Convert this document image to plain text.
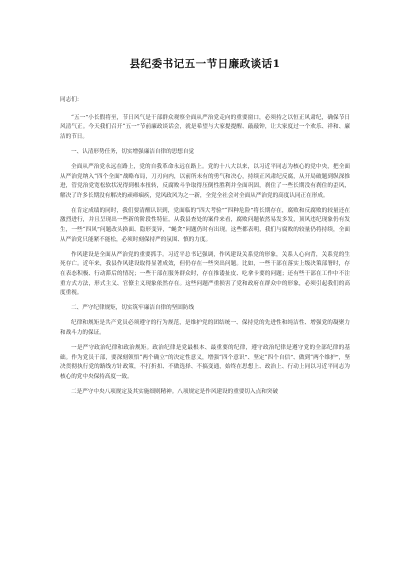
县纪委书记五一节日廉政谈话1

同志们：

“五一”小长假将至，节日风气是干部群众观察全面从严治党走向的重要窗口，必须持之以恒正风肃纪，确保节日风清气正。今天我们召开“五一”节前廉政谈话会，就是希望与大家提提醒、敲敲钟，让大家度过一个欢乐、祥和、廉洁的节日。

一、认清形势任务，切实增强廉洁自律的思想自觉

全面从严治党永远在路上，党的自我革命永远在路上。党的十八大以来，以习近平同志为核心的党中央，把全面从严治党纳入“四个全面”战略布局，刀刃向内，以前所未有的勇气和决心，持续正风肃纪反腐，从开局破题到纵深推进，管党治党宽松软状况得到根本扭转，反腐败斗争取得压倒性胜利并全面巩固，刹住了一些长期没有刹住的歪风，解决了许多长期没有解决的顽瘴痼疾，党风政风为之一新，全党全社会对全面从严治党的高度认同正在形成。

在肯定成绩的同时，我们要清醒认识到，党面临的“四大考验”“四种危险”将长期存在，腐败和反腐败的较量还在激烈进行，并且呈现出一些新的阶段性特征。从我县查处的案件来看，腐败问题依然易发多发，顶风违纪现象仍有发生，一些“四风”问题改头换面、隐形变异，“蝇贪”问题仍时有出现。这些都表明，我们与腐败的较量仍将持续，全面从严治党只能紧不能松，必须时刻保持严的氛围、慎的力度。

作风建设是全面从严治党的重要抓手。习近平总书记强调，作风建设关系党的形象，关系人心向背，关系党的生死存亡。近年来，我县作风建设取得显著成效，但仍存在一些突出问题。比如，一些干部在落实上级决策部署时，存在表态积极、行动滞后的情况；一些干部在服务群众时，存在推诿扯皮、吃拿卡要的问题；还有些干部在工作中不注重方式方法，形式主义、官僚主义现象依然存在。这些问题严重损害了党和政府在群众中的形象，必须引起我们的高度重视。

二、严守纪律规矩，切实筑牢廉洁自律的坚固防线

纪律和规矩是共产党员必须遵守的行为规范，是维护党的团结统一、保持党的先进性和纯洁性、增强党的凝聚力和战斗力的保证。

一是严守政治纪律和政治规矩。政治纪律是党最根本、最重要的纪律，遵守政治纪律是遵守党的全部纪律的基础。作为党员干部，要深刻领悟“两个确立”的决定性意义，增强“四个意识”、坚定“四个自信”、做到“两个维护”，坚决贯彻执行党的路线方针政策，不打折扣、不做选择、不搞变通，始终在思想上、政治上、行动上同以习近平同志为核心的党中央保持高度一致。

二是严守中央八项规定及其实施细则精神。八项规定是作风建设的重要切入点和突破
